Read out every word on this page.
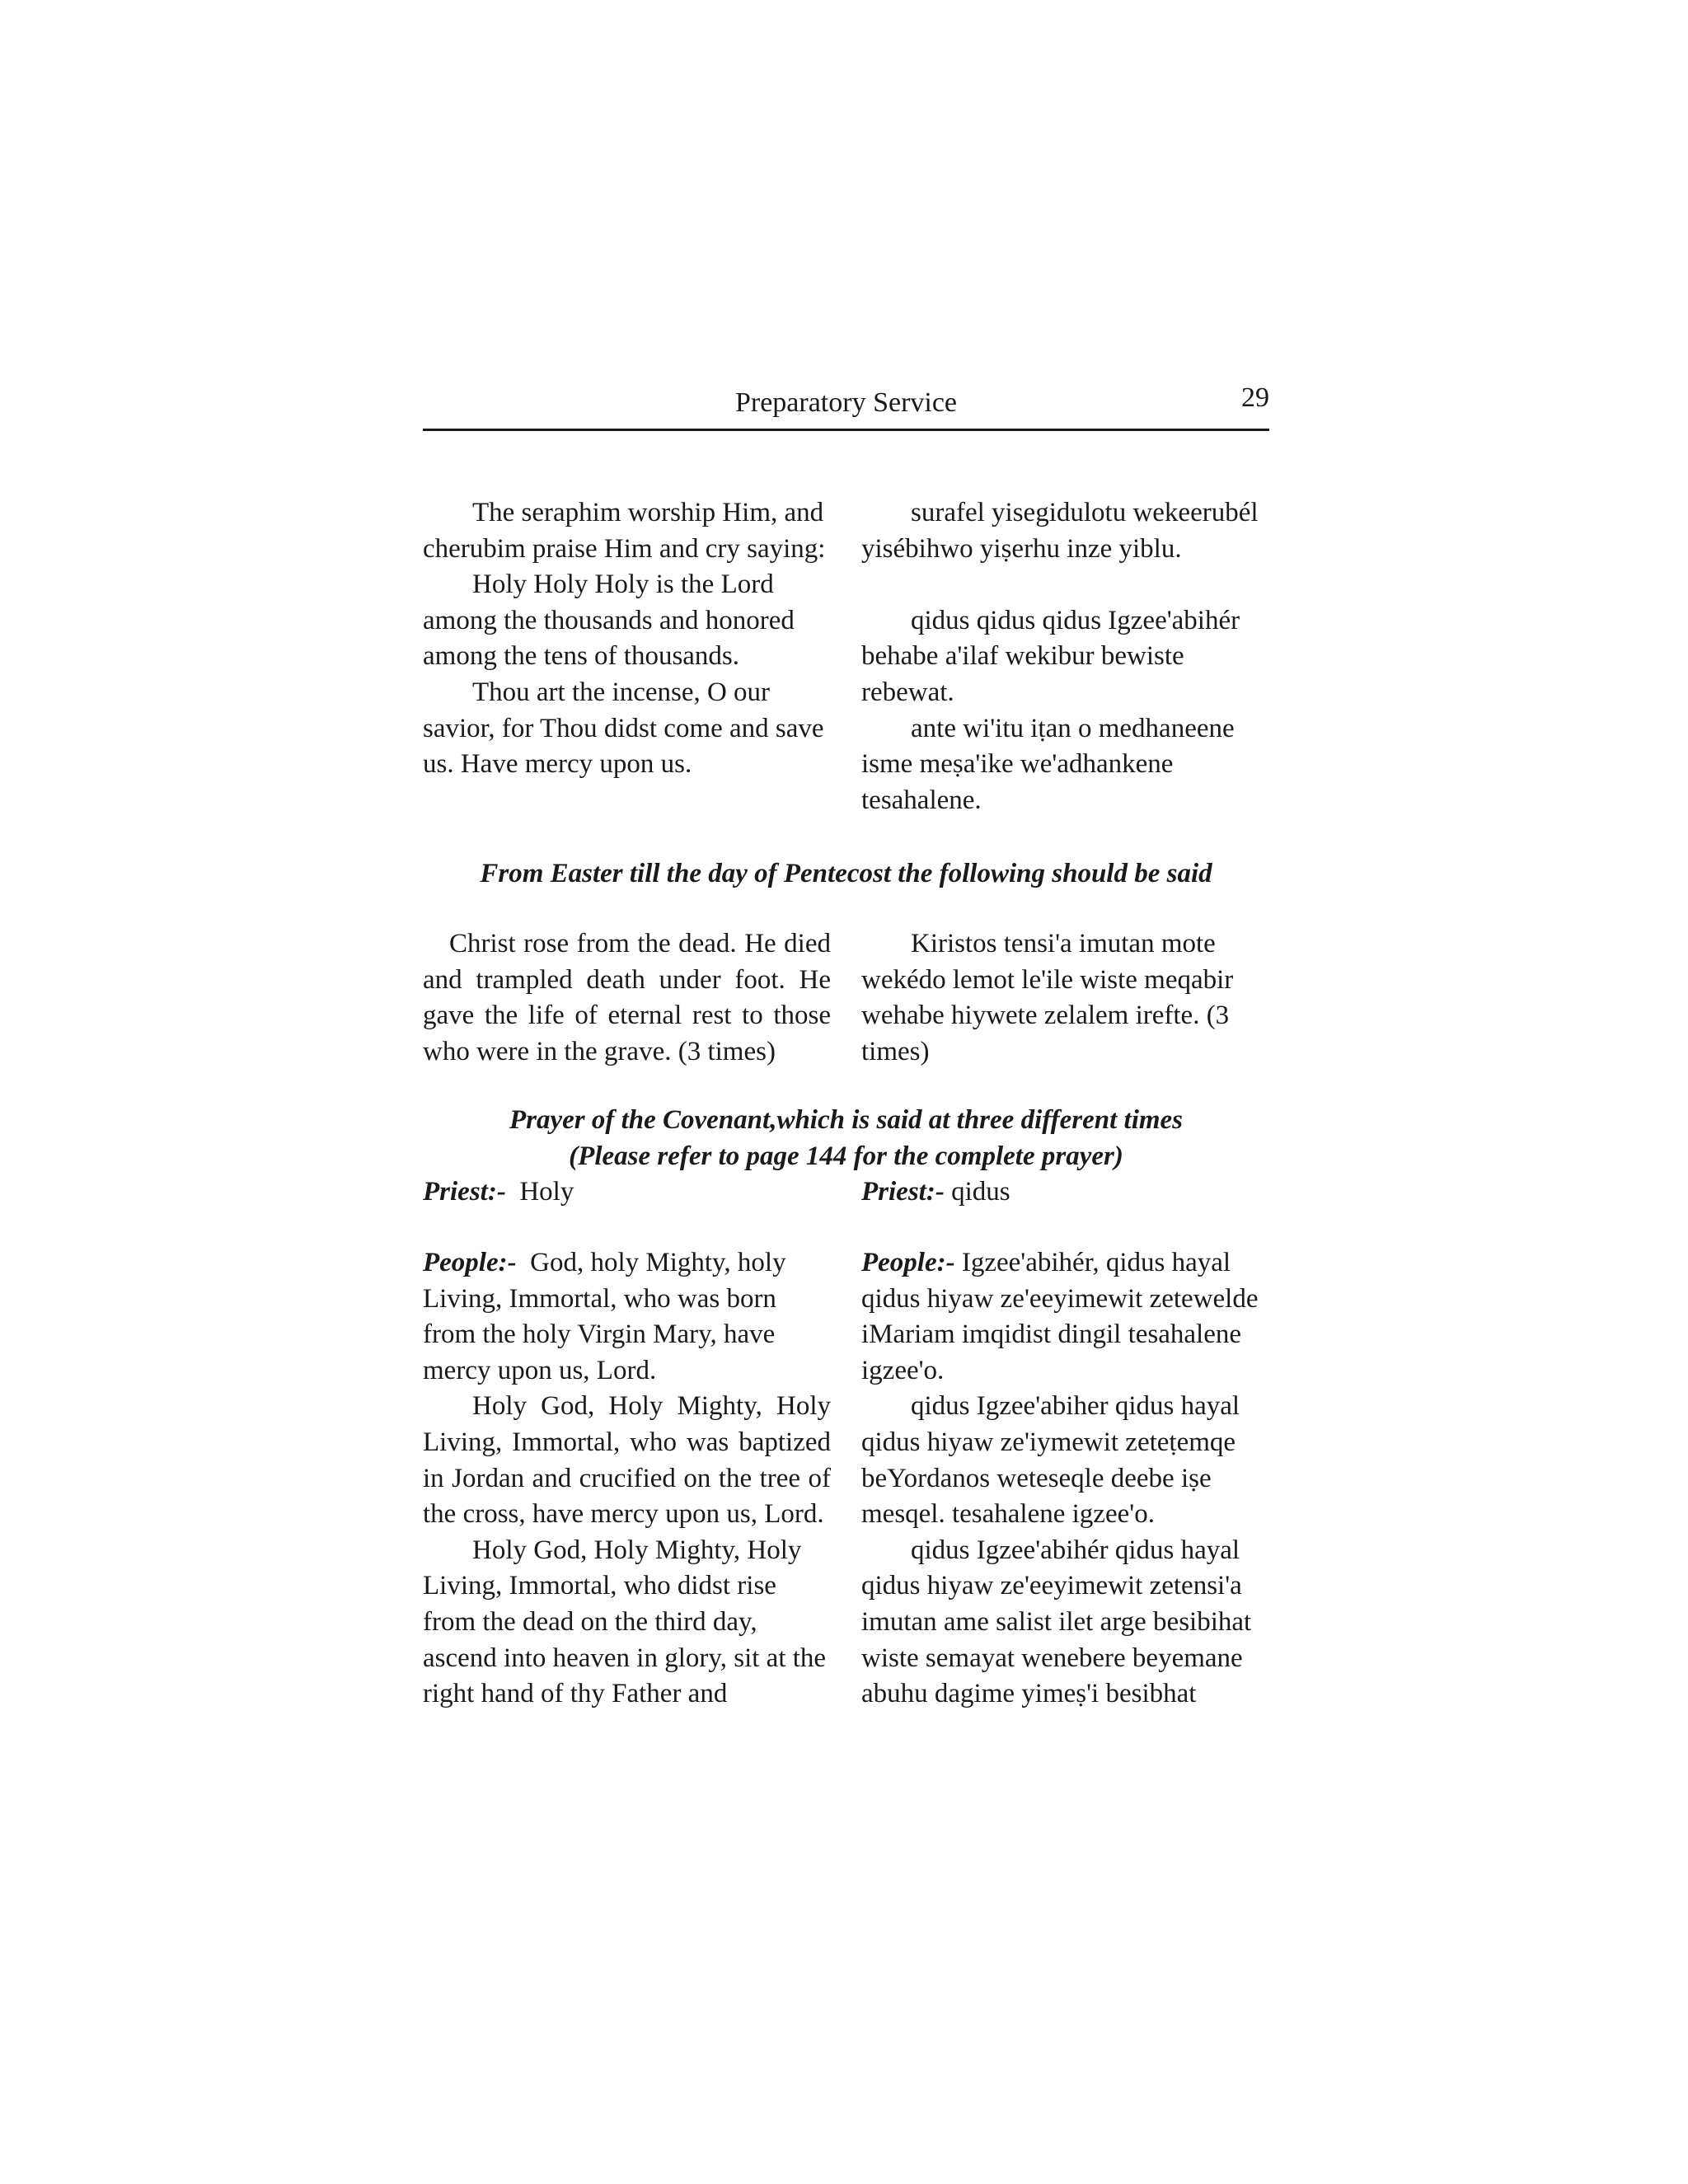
Preparatory Service	29

The seraphim worship Him, and cherubim praise Him and cry saying:

Holy Holy Holy is the Lord among the thousands and honored among the tens of thousands.

Thou art the incense, O our savior, for Thou didst come and save us. Have mercy upon us.

surafel yisegidulotu wekeerubél yisébihwo yiṣerhu inze yiblu.

qidus qidus qidus Igzee'abihér behabe a'ilaf wekibur bewiste rebewat.

ante wi'itu iṭan o medhaneene isme meṣa'ike we'adhankene tesahalene.

From Easter till the day of Pentecost the following should be said

Christ rose from the dead. He died and trampled death under foot. He gave the life of eternal rest to those who were in the grave. (3 times)

Kiristos tensi'a imutan mote wekédo lemot le'ile wiste meqabir wehabe hiywete zelalem irefte. (3 times)

Prayer of the Covenant,which is said at three different times
(Please refer to page 144 for the complete prayer)
Priest:- Holy	Priest:- qidus

People:- God, holy Mighty, holy Living, Immortal, who was born from the holy Virgin Mary, have mercy upon us, Lord.

Holy God, Holy Mighty, Holy Living, Immortal, who was baptized in Jordan and crucified on the tree of the cross, have mercy upon us, Lord.

Holy God, Holy Mighty, Holy Living, Immortal, who didst rise from the dead on the third day, ascend into heaven in glory, sit at the right hand of thy Father and

People:- Igzee'abihér, qidus hayal qidus hiyaw ze'eeyimewit zetewelde iMariam imqidist dingil tesahalene igzee'o.

qidus Igzee'abiher qidus hayal qidus hiyaw ze'iymewit zeteṭemqe beYordanos weteseqle deebe iṣe mesqel. tesahalene igzee'o.

qidus Igzee'abihér qidus hayal qidus hiyaw ze'eeyimewit zetensi'a imutan ame salist ilet arge besibihat wiste semayat wenebere beyemane abuhu dagime yimeṣ'i besibhat
